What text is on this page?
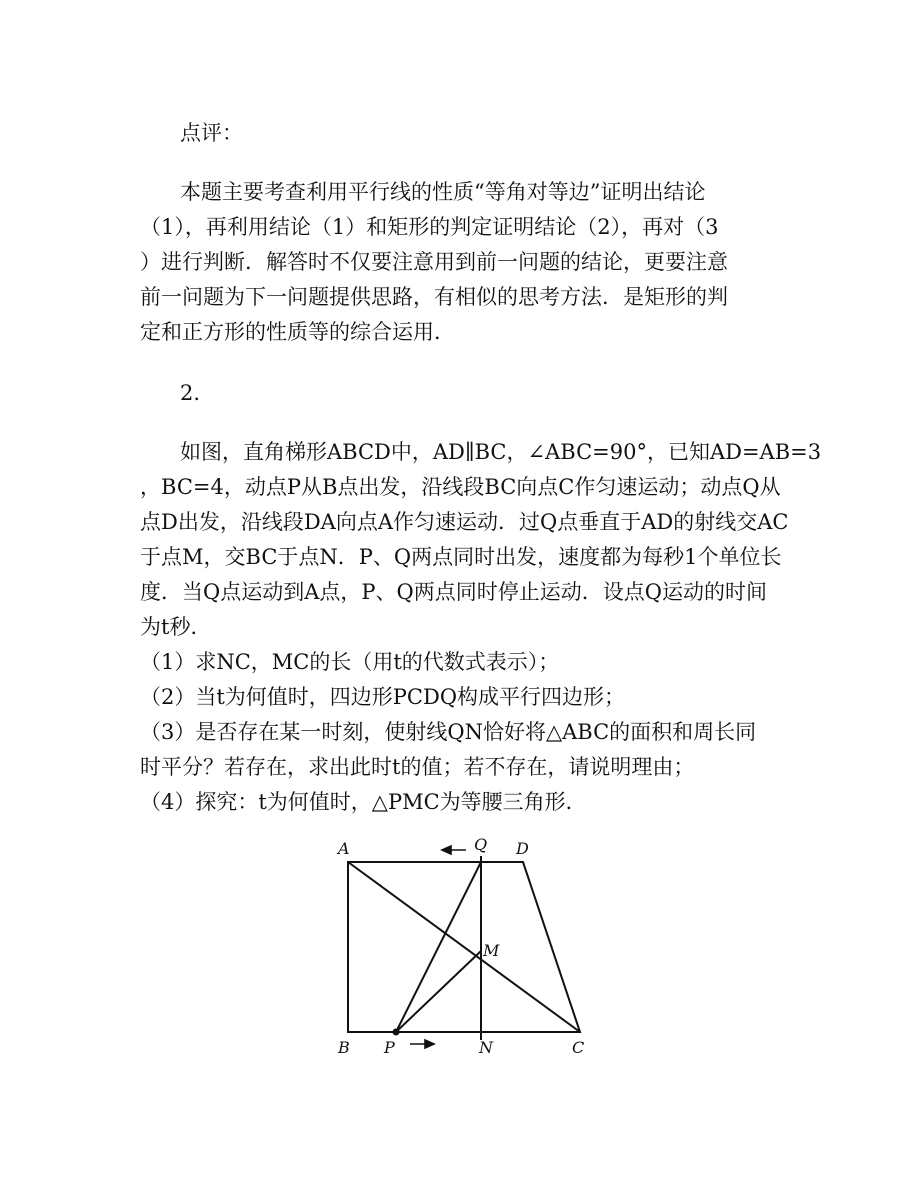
点评：
本题主要考查利用平行线的性质“等角对等边”证明出结论
（1），再利用结论（1）和矩形的判定证明结论（2），再对（3
）进行判断．解答时不仅要注意用到前一问题的结论，更要注意
前一问题为下一问题提供思路，有相似的思考方法．是矩形的判
定和正方形的性质等的综合运用．
2.
如图，直角梯形ABCD中，AD∥BC，∠ABC=90°，已知AD=AB=3
，BC=4，动点P从B点出发，沿线段BC向点C作匀速运动；动点Q从
点D出发，沿线段DA向点A作匀速运动．过Q点垂直于AD的射线交AC
于点M，交BC于点N．P、Q两点同时出发，速度都为每秒1个单位长
度．当Q点运动到A点，P、Q两点同时停止运动．设点Q运动的时间
为t秒．
（1）求NC，MC的长（用t的代数式表示）；
（2）当t为何值时，四边形PCDQ构成平行四边形；
（3）是否存在某一时刻，使射线QN恰好将△ABC的面积和周长同
时平分？若存在，求出此时t的值；若不存在，请说明理由；
（4）探究：t为何值时，△PMC为等腰三角形．
A	Q D
M
B P	N	C
